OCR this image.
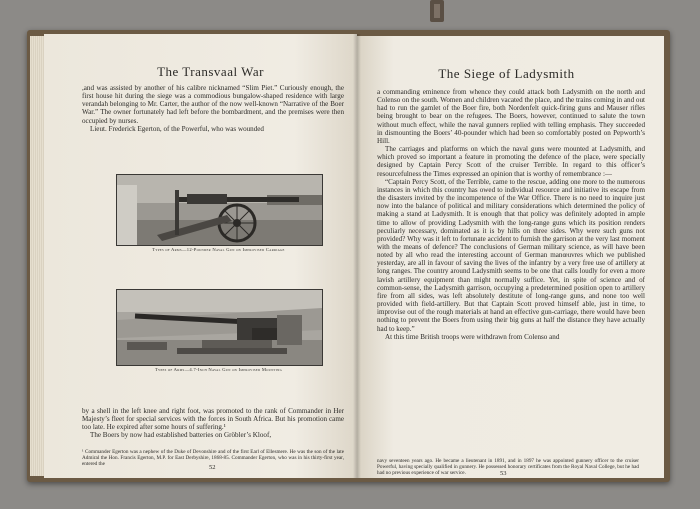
The Transvaal War

,and was assisted by another of his calibre nicknamed “Slim Piet.” Curiously enough, the first house hit during the siege was a commodious bungalow-shaped residence with large verandah belonging to Mr. Carter, the author of the now well-known “Narrative of the Boer War.” The owner fortunately had left before the bombardment, and the premises were then occupied by nurses.

Lieut. Frederick Egerton, of the Powerful, who was wounded

Types of Arms—12-Pounder Naval Gun on Improvised Carriage
Types of Arms—4.7-Inch Naval Gun on Improvised Mounting

by a shell in the left knee and right foot, was promoted to the rank of Commander in Her Majesty’s fleet for special services with the forces in South Africa. But his promotion came too late. He expired after some hours of suffering.¹

The Boers by now had established batteries on Gröbler’s Kloof,

¹ Commander Egerton was a nephew of the Duke of Devonshire and of the first Earl of Ellesmere. He was the son of the late Admiral the Hon. Francis Egerton, M.P. for East Derbyshire, 1868-85. Commander Egerton, who was in his thirty-first year, entered the	52
The Siege of Ladysmith

a commanding eminence from whence they could attack both Ladysmith on the north and Colenso on the south. Women and children vacated the place, and the trains coming in and out had to run the gamlet of the Boer fire, both Nordenfelt quick-firing guns and Mauser rifles being brought to bear on the refugees. The Boers, however, continued to salute the town without much effect, while the naval gunners replied with telling emphasis. They succeeded in dismounting the Boers’ 40-pounder which had been so comfortably posted on Pepworth’s Hill.

The carriages and platforms on which the naval guns were mounted at Ladysmith, and which proved so important a feature in promoting the defence of the place, were specially designed by Captain Percy Scott of the cruiser Terrible. In regard to this officer’s resourcefulness the Times expressed an opinion that is worthy of remembrance :—

“Captain Percy Scott, of the Terrible, came to the rescue, adding one more to the numerous instances in which this country has owed to individual resource and initiative its escape from the disasters invited by the incompetence of the War Office. There is no need to inquire just now into the balance of political and military considerations which determined the policy of making a stand at Ladysmith. It is enough that that policy was definitely adopted in ample time to allow of providing Ladysmith with the long-range guns which its position renders peculiarly necessary, dominated as it is by hills on three sides. Why were such guns not provided? Why was it left to fortunate accident to furnish the garrison at the very last moment with the means of defence? The conclusions of German military science, as will have been noted by all who read the interesting account of German manœuvres which we published yesterday, are all in favour of saving the lives of the infantry by a very free use of artillery at long ranges. The country around Ladysmith seems to be one that calls loudly for even a more lavish artillery equipment than might normally suffice. Yet, in spite of science and of common-sense, the Ladysmith garrison, occupying a predetermined position open to artillery fire from all sides, was left absolutely destitute of long-range guns, and none too well provided with field-artillery. But that Captain Scott proved himself able, just in time, to improvise out of the rough materials at hand an effective gun-carriage, there would have been nothing to prevent the Boers from using their big guns at half the distance they have actually had to keep.”

At this time British troops were withdrawn from Colenso and

navy seventeen years ago. He became a lieutenant in 1891, and in 1897 he was appointed gunnery officer to the cruiser Powerful, having specially qualified in gunnery. He possessed honorary certificates from the Royal Naval College, but he had had no previous experience of war service.	53
